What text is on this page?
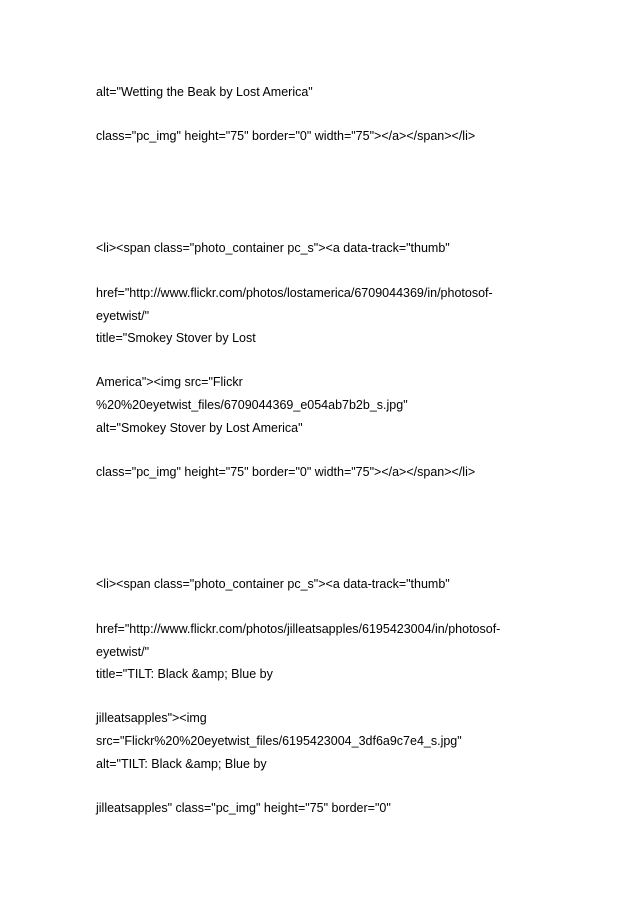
alt="Wetting the Beak by Lost America"
class="pc_img" height="75" border="0" width="75"></a></span></li>
<li><span class="photo_container pc_s"><a data-track="thumb"
href="http://www.flickr.com/photos/lostamerica/6709044369/in/photosof-
eyetwist/"
title="Smokey Stover by Lost
America"><img src="Flickr
%20%20eyetwist_files/6709044369_e054ab7b2b_s.jpg"
alt="Smokey Stover by Lost America"
class="pc_img" height="75" border="0" width="75"></a></span></li>
<li><span class="photo_container pc_s"><a data-track="thumb"
href="http://www.flickr.com/photos/jilleatsapples/6195423004/in/photosof-
eyetwist/"
title="TILT: Black &amp; Blue by
jilleatsapples"><img
src="Flickr%20%20eyetwist_files/6195423004_3df6a9c7e4_s.jpg"
alt="TILT: Black &amp; Blue by
jilleatsapples" class="pc_img" height="75" border="0"
